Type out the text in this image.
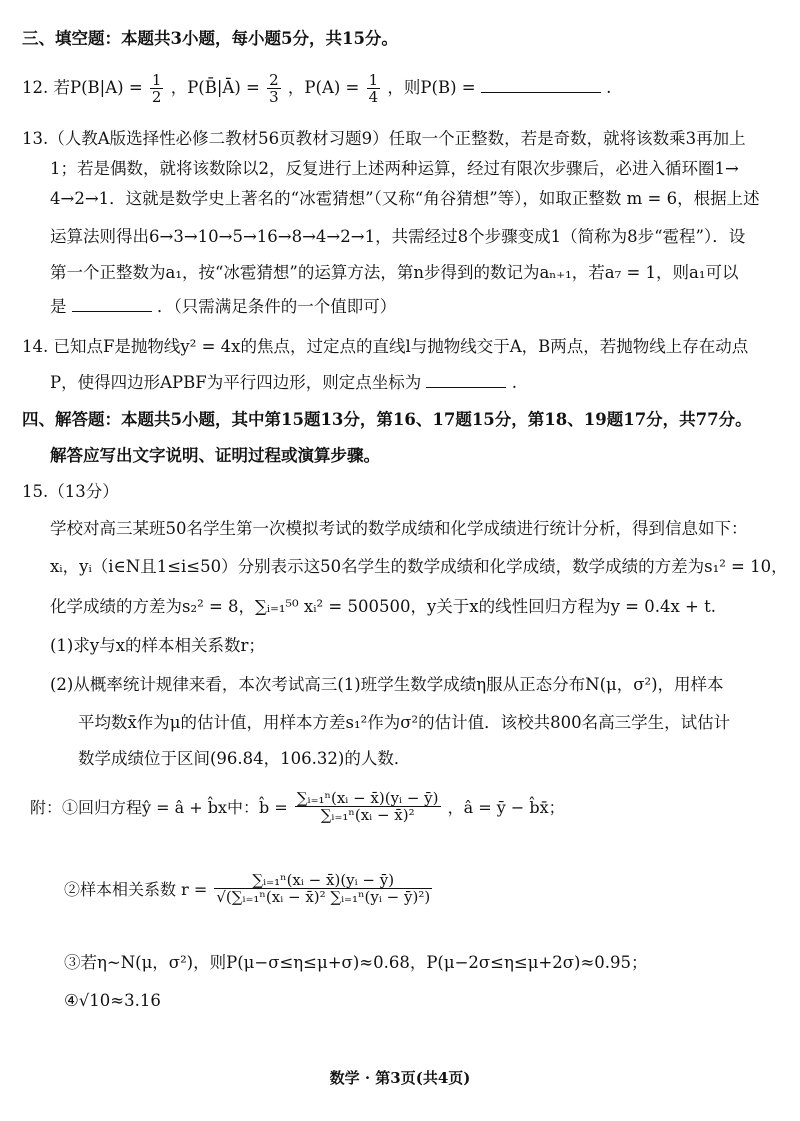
三、填空题：本题共3小题，每小题5分，共15分。
12. 若$P(B|A) = \frac{1}{2}$ ，P(B̄|Ā) = $\frac{2}{3}$ ，$P(A) = \frac{1}{4}$ ，则P(B) =	.
13.（人教A版选择性必修二教材56页教材习题9）任取一个正整数，若是奇数，就将该数乘3再加上
1；若是偶数，就将该数除以2，反复进行上述两种运算，经过有限次步骤后，必进入循环圈1→
4→2→1．这就是数学史上著名的“冰雹猜想”（又称“角谷猜想”等），如取正整数 m = 6，根据上述
运算法则得出6→3→10→5→16→8→4→2→1，共需经过8个步骤变成1（简称为8步“雹程”）．设
第一个正整数为a₁，按“冰雹猜想”的运算方法，第n步得到的数记为aₙ₊₁，若a₇ = 1，则a₁可以
是	．（只需满足条件的一个值即可）
14. 已知点F是抛物线y² = 4x的焦点，过定点的直线l与抛物线交于A，B两点，若抛物线上存在动点
P，使得四边形APBF为平行四边形，则定点坐标为	.
四、解答题：本题共5小题，其中第15题13分，第16、17题15分，第18、19题17分，共77分。
解答应写出文字说明、证明过程或演算步骤。
15.（13分）
学校对高三某班50名学生第一次模拟考试的数学成绩和化学成绩进行统计分析，得到信息如下：
xᵢ，yᵢ（i∈N且1≤i≤50）分别表示这50名学生的数学成绩和化学成绩，数学成绩的方差为s₁² = 10，
化学成绩的方差为s₂² = 8，∑ᵢ₌₁⁵⁰ xᵢ² = 500500，y关于x的线性回归方程为y = 0.4x + t.
(1)求y与x的样本相关系数r；
(2)从概率统计规律来看，本次考试高三(1)班学生数学成绩η服从正态分布N(μ，σ²)，用样本
平均数x̄作为μ的估计值，用样本方差s₁²作为σ²的估计值．该校共800名高三学生，试估计
数学成绩位于区间(96.84，106.32)的人数．
附：①回归方程ŷ = â + b̂x中：b̂ = $\frac{\text{∑ᵢ₌₁ⁿ(xᵢ − x̄)(yᵢ − ȳ)}}{\text{∑ᵢ₌₁ⁿ(xᵢ − x̄)²}}$ ，â = ȳ − b̂x̄；
②样本相关系数 $r = \frac{\text{∑ᵢ₌₁ⁿ(xᵢ − x̄)(yᵢ − ȳ)}}{\text{√(∑ᵢ₌₁ⁿ(xᵢ − x̄)² ∑ᵢ₌₁ⁿ(yᵢ − ȳ)²)}}$
③若η~N(μ，σ²)，则P(μ−σ≤η≤μ+σ)≈0.68，P(μ−2σ≤η≤μ+2σ)≈0.95；
④√10≈3.16
数学 · 第3页(共4页)
